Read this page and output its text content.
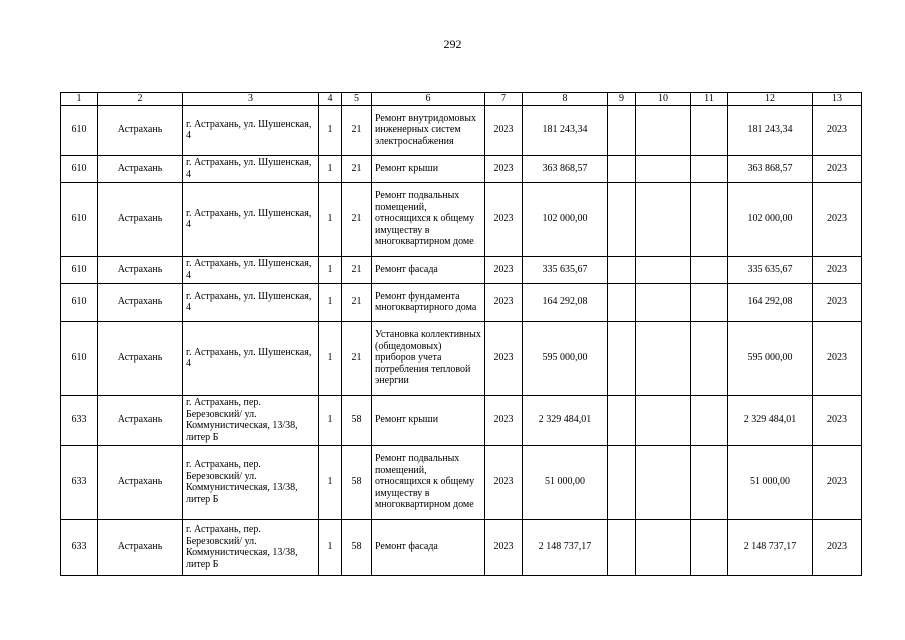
292
1	2	3	4	5	6	7	8	9	10	11	12	13
610	Астрахань	г. Астрахань, ул. Шушенская, 4	1	21	Ремонт внутридомовых инженерных систем электроснабжения	2023	181 243,34				181 243,34	2023
610	Астрахань	г. Астрахань, ул. Шушенская, 4	1	21	Ремонт крыши	2023	363 868,57				363 868,57	2023
610	Астрахань	г. Астрахань, ул. Шушенская, 4	1	21	Ремонт подвальных помещений, относящихся к общему имуществу в многоквартирном доме	2023	102 000,00				102 000,00	2023
610	Астрахань	г. Астрахань, ул. Шушенская, 4	1	21	Ремонт фасада	2023	335 635,67				335 635,67	2023
610	Астрахань	г. Астрахань, ул. Шушенская, 4	1	21	Ремонт фундамента многоквартирного дома	2023	164 292,08				164 292,08	2023
610	Астрахань	г. Астрахань, ул. Шушенская, 4	1	21	Установка коллективных (общедомовых) приборов учета потребления тепловой энергии	2023	595 000,00				595 000,00	2023
633	Астрахань	г. Астрахань, пер. Березовский/ ул. Коммунистическая, 13/38, литер Б	1	58	Ремонт крыши	2023	2 329 484,01				2 329 484,01	2023
633	Астрахань	г. Астрахань, пер. Березовский/ ул. Коммунистическая, 13/38, литер Б	1	58	Ремонт подвальных помещений, относящихся к общему имуществу в многоквартирном доме	2023	51 000,00				51 000,00	2023
633	Астрахань	г. Астрахань, пер. Березовский/ ул. Коммунистическая, 13/38, литер Б	1	58	Ремонт фасада	2023	2 148 737,17				2 148 737,17	2023
